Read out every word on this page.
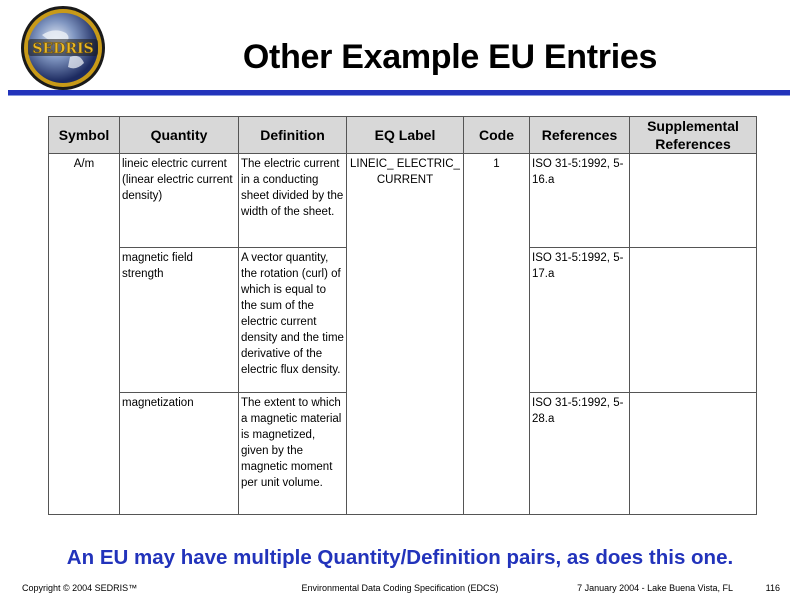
SEDRIS	Other Example EU Entries
Symbol	Quantity	Definition	EQ Label	Code	References	Supplemental References
A/m	lineic electric current (linear electric current density)	The electric current in a conducting sheet divided by the width of the sheet.	LINEIC_ ELECTRIC_ CURRENT	1	ISO 31-5:1992, 5-16.a	
	magnetic field strength	A vector quantity, the rotation (curl) of which is equal to the sum of the electric current density and the time derivative of the electric flux density.			ISO 31-5:1992, 5-17.a	
	magnetization	The extent to which a magnetic material is magnetized, given by the magnetic moment per unit volume.			ISO 31-5:1992, 5-28.a	
An EU may have multiple Quantity/Definition pairs, as does this one.
Copyright © 2004 SEDRIS™	Environmental Data Coding Specification (EDCS)	7 January 2004 - Lake Buena Vista, FL	116
